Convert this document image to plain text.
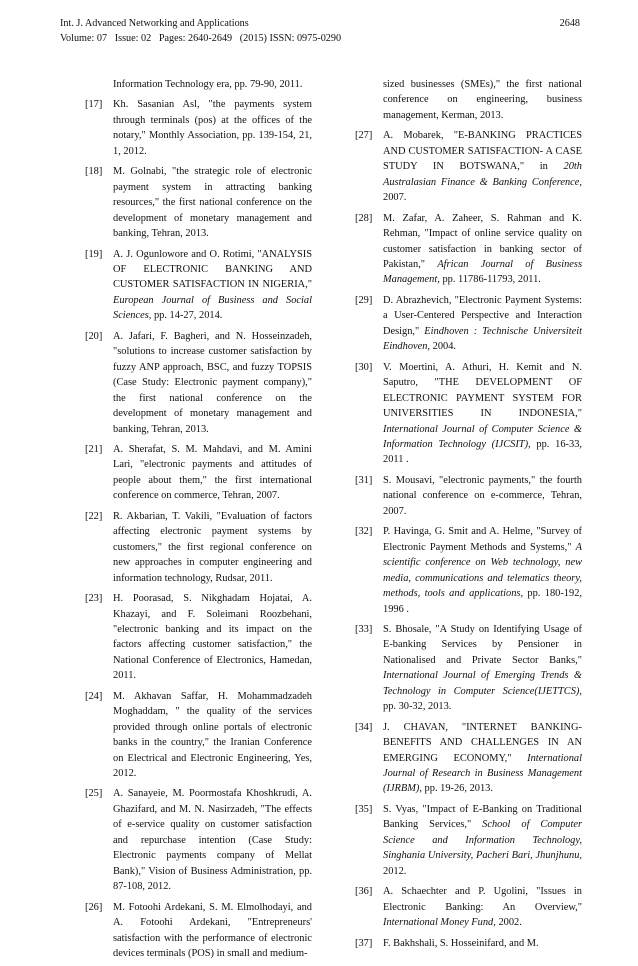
Int. J. Advanced Networking and Applications	2648
Volume: 07   Issue: 02   Pages: 2640-2649   (2015) ISSN: 0975-0290
Information Technology era, pp. 79-90, 2011.
[17] Kh. Sasanian Asl, "the payments system through terminals (pos) at the offices of the notary," Monthly Association, pp. 139-154, 21, 1, 2012.
[18] M. Golnabi, "the strategic role of electronic payment system in attracting banking resources," the first national conference on the development of monetary management and banking, Tehran, 2013.
[19] A. J. Ogunlowore and O. Rotimi, "ANALYSIS OF ELECTRONIC BANKING AND CUSTOMER SATISFACTION IN NIGERIA," European Journal of Business and Social Sciences, pp. 14-27, 2014.
[20] A. Jafari, F. Bagheri, and N. Hosseinzadeh, "solutions to increase customer satisfaction by fuzzy ANP approach, BSC, and fuzzy TOPSIS (Case Study: Electronic payment company)," the first national conference on the development of monetary management and banking, Tehran, 2013.
[21] A. Sherafat, S. M. Mahdavi, and M. Amini Lari, "electronic payments and attitudes of people about them," the first international conference on commerce, Tehran, 2007.
[22] R. Akbarian, T. Vakili, "Evaluation of factors affecting electronic payment systems by customers," the first regional conference on new approaches in computer engineering and information technology, Rudsar, 2011.
[23] H. Poorasad, S. Nikghadam Hojatai, A. Khazayi, and F. Soleimani Roozbehani, "electronic banking and its impact on the factors affecting customer satisfaction," the National Conference of Electronics, Hamedan, 2011.
[24] M. Akhavan Saffar, H. Mohammadzadeh Moghaddam, " the quality of the services provided through online portals of electronic banks in the country," the Iranian Conference on Electrical and Electronic Engineering, Yes, 2012.
[25] A. Sanayeie, M. Poormostafa Khoshkrudi, A. Ghazifard, and M. N. Nasirzadeh, "The effects of e-service quality on customer satisfaction and repurchase intention (Case Study: Electronic payments company of Mellat Bank)," Vision of Business Administration, pp. 87-108, 2012.
[26] M. Fotoohi Ardekani, S. M. Elmolhodayi, and A. Fotoohi Ardekani, "Entrepreneurs' satisfaction with the performance of electronic devices terminals (POS) in small and medium-
sized businesses (SMEs)," the first national conference on engineering, business management, Kerman, 2013.
[27] A. Mobarek, "E-BANKING PRACTICES AND CUSTOMER SATISFACTION- A CASE STUDY IN BOTSWANA," in 20th Australasian Finance & Banking Conference, 2007.
[28] M. Zafar, A. Zaheer, S. Rahman and K. Rehman, "Impact of online service quality on customer satisfaction in banking sector of Pakistan," African Journal of Business Management, pp. 11786-11793, 2011.
[29] D. Abrazhevich, "Electronic Payment Systems: a User-Centered Perspective and Interaction Design," Eindhoven : Technische Universiteit Eindhoven, 2004.
[30] V. Moertini, A. Athuri, H. Kemit and N. Saputro, "THE DEVELOPMENT OF ELECTRONIC PAYMENT SYSTEM FOR UNIVERSITIES IN INDONESIA," International Journal of Computer Science & Information Technology (IJCSIT), pp. 16-33, 2011 .
[31] S. Mousavi, "electronic payments," the fourth national conference on e-commerce, Tehran, 2007.
[32] P. Havinga, G. Smit and A. Helme, "Survey of Electronic Payment Methods and Systems," A scientific conference on Web technology, new media, communications and telematics theory, methods, tools and applications, pp. 180-192, 1996 .
[33] S. Bhosale, "A Study on Identifying Usage of E-banking Services by Pensioner in Nationalised and Private Sector Banks," International Journal of Emerging Trends & Technology in Computer Science(IJETTCS), pp. 30-32, 2013.
[34] J. CHAVAN, "INTERNET BANKING- BENEFITS AND CHALLENGES IN AN EMERGING ECONOMY," International Journal of Research in Business Management (IJRBM), pp. 19-26, 2013.
[35] S. Vyas, "Impact of E-Banking on Traditional Banking Services," School of Computer Science and Information Technology, Singhania University, Pacheri Bari, Jhunjhunu, 2012.
[36] A. Schaechter and P. Ugolini, "Issues in Electronic Banking: An Overview," International Money Fund, 2002.
[37] F. Bakhshali, S. Hosseinifard, and M.
